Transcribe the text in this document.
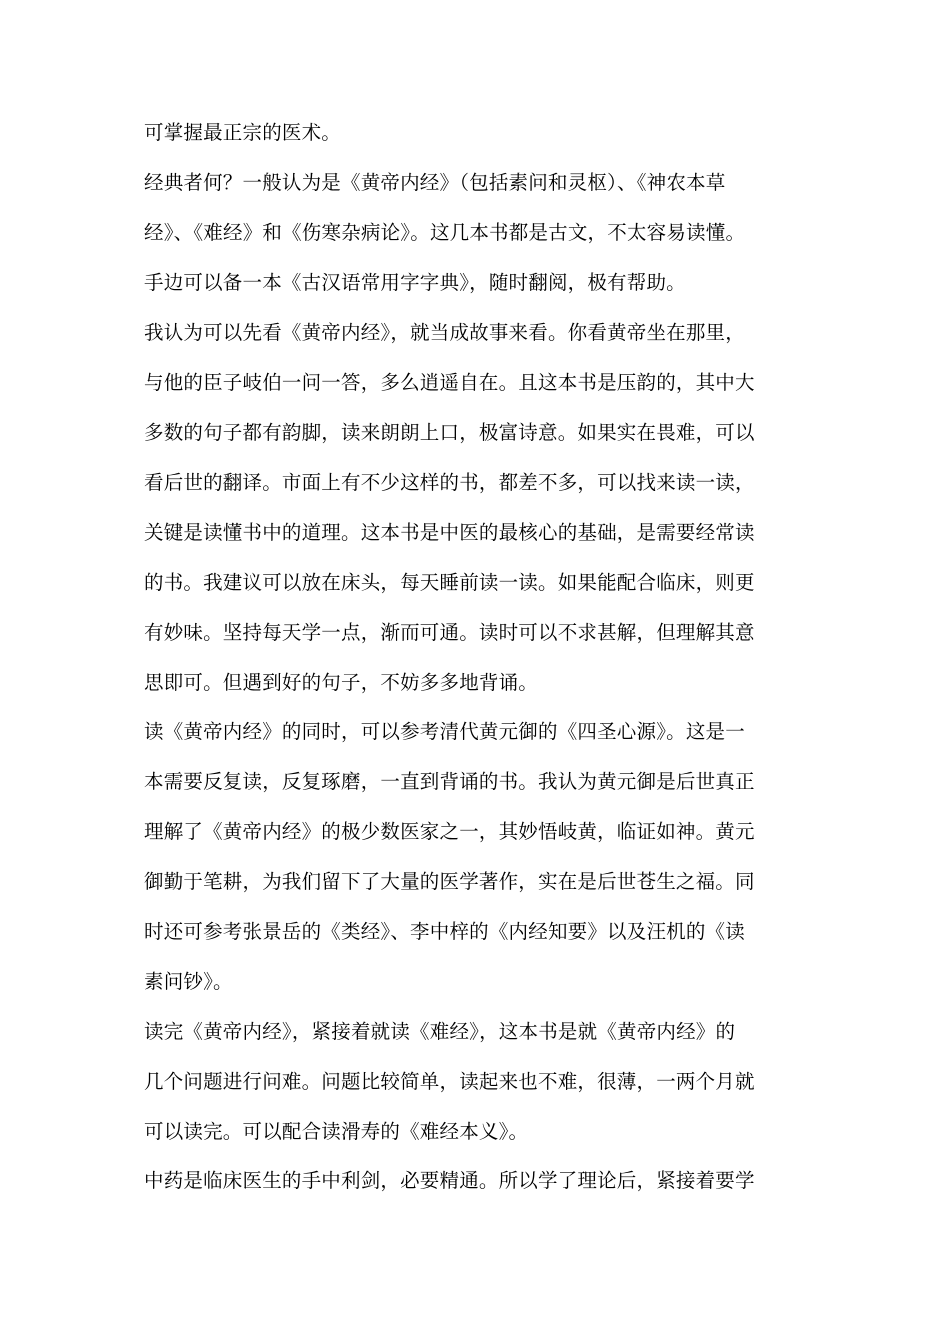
可掌握最正宗的医术。
经典者何？一般认为是《黄帝内经》（包括素问和灵枢）、《神农本草
经》、《难经》和《伤寒杂病论》。这几本书都是古文，不太容易读懂。
手边可以备一本《古汉语常用字字典》，随时翻阅，极有帮助。
我认为可以先看《黄帝内经》，就当成故事来看。你看黄帝坐在那里，
与他的臣子岐伯一问一答，多么逍遥自在。且这本书是压韵的，其中大
多数的句子都有韵脚，读来朗朗上口，极富诗意。如果实在畏难，可以
看后世的翻译。市面上有不少这样的书，都差不多，可以找来读一读，
关键是读懂书中的道理。这本书是中医的最核心的基础，是需要经常读
的书。我建议可以放在床头，每天睡前读一读。如果能配合临床，则更
有妙味。坚持每天学一点，渐而可通。读时可以不求甚解，但理解其意
思即可。但遇到好的句子，不妨多多地背诵。
读《黄帝内经》的同时，可以参考清代黄元御的《四圣心源》。这是一
本需要反复读，反复琢磨，一直到背诵的书。我认为黄元御是后世真正
理解了《黄帝内经》的极少数医家之一，其妙悟岐黄，临证如神。黄元
御勤于笔耕，为我们留下了大量的医学著作，实在是后世苍生之福。同
时还可参考张景岳的《类经》、李中梓的《内经知要》以及汪机的《读
素问钞》。
读完《黄帝内经》，紧接着就读《难经》，这本书是就《黄帝内经》的
几个问题进行问难。问题比较简单，读起来也不难，很薄，一两个月就
可以读完。可以配合读滑寿的《难经本义》。
中药是临床医生的手中利剑，必要精通。所以学了理论后，紧接着要学
